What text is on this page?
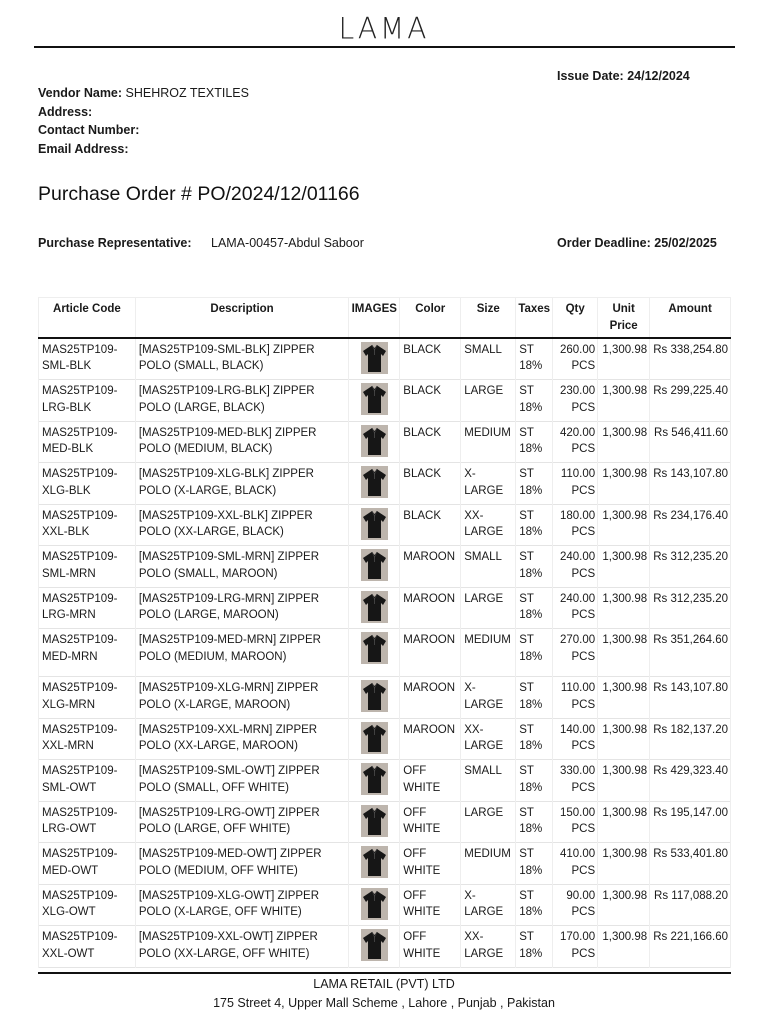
LAMA
Issue Date: 24/12/2024
Vendor Name: SHEHROZ TEXTILES
Address:
Contact Number:
Email Address:
Purchase Order # PO/2024/12/01166
Purchase Representative: LAMA-00457-Abdul Saboor	Order Deadline: 25/02/2025
Article Code	Description	IMAGES	Color	Size	Taxes	Qty	Unit Price	Amount
MAS25TP109-SML-BLK	[MAS25TP109-SML-BLK] ZIPPER POLO (SMALL, BLACK)		BLACK	SMALL	ST 18%	260.00 PCS	1,300.98	Rs 338,254.80
MAS25TP109-LRG-BLK	[MAS25TP109-LRG-BLK] ZIPPER POLO (LARGE, BLACK)		BLACK	LARGE	ST 18%	230.00 PCS	1,300.98	Rs 299,225.40
MAS25TP109-MED-BLK	[MAS25TP109-MED-BLK] ZIPPER POLO (MEDIUM, BLACK)		BLACK	MEDIUM	ST 18%	420.00 PCS	1,300.98	Rs 546,411.60
MAS25TP109-XLG-BLK	[MAS25TP109-XLG-BLK] ZIPPER POLO (X-LARGE, BLACK)		BLACK	X-LARGE	ST 18%	110.00 PCS	1,300.98	Rs 143,107.80
MAS25TP109-XXL-BLK	[MAS25TP109-XXL-BLK] ZIPPER POLO (XX-LARGE, BLACK)		BLACK	XX-LARGE	ST 18%	180.00 PCS	1,300.98	Rs 234,176.40
MAS25TP109-SML-MRN	[MAS25TP109-SML-MRN] ZIPPER POLO (SMALL, MAROON)		MAROON	SMALL	ST 18%	240.00 PCS	1,300.98	Rs 312,235.20
MAS25TP109-LRG-MRN	[MAS25TP109-LRG-MRN] ZIPPER POLO (LARGE, MAROON)		MAROON	LARGE	ST 18%	240.00 PCS	1,300.98	Rs 312,235.20
MAS25TP109-MED-MRN	[MAS25TP109-MED-MRN] ZIPPER POLO (MEDIUM, MAROON)		MAROON	MEDIUM	ST 18%	270.00 PCS	1,300.98	Rs 351,264.60
MAS25TP109-XLG-MRN	[MAS25TP109-XLG-MRN] ZIPPER POLO (X-LARGE, MAROON)		MAROON	X-LARGE	ST 18%	110.00 PCS	1,300.98	Rs 143,107.80
MAS25TP109-XXL-MRN	[MAS25TP109-XXL-MRN] ZIPPER POLO (XX-LARGE, MAROON)		MAROON	XX-LARGE	ST 18%	140.00 PCS	1,300.98	Rs 182,137.20
MAS25TP109-SML-OWT	[MAS25TP109-SML-OWT] ZIPPER POLO (SMALL, OFF WHITE)		OFF WHITE	SMALL	ST 18%	330.00 PCS	1,300.98	Rs 429,323.40
MAS25TP109-LRG-OWT	[MAS25TP109-LRG-OWT] ZIPPER POLO (LARGE, OFF WHITE)		OFF WHITE	LARGE	ST 18%	150.00 PCS	1,300.98	Rs 195,147.00
MAS25TP109-MED-OWT	[MAS25TP109-MED-OWT] ZIPPER POLO (MEDIUM, OFF WHITE)		OFF WHITE	MEDIUM	ST 18%	410.00 PCS	1,300.98	Rs 533,401.80
MAS25TP109-XLG-OWT	[MAS25TP109-XLG-OWT] ZIPPER POLO (X-LARGE, OFF WHITE)		OFF WHITE	X-LARGE	ST 18%	90.00 PCS	1,300.98	Rs 117,088.20
MAS25TP109-XXL-OWT	[MAS25TP109-XXL-OWT] ZIPPER POLO (XX-LARGE, OFF WHITE)		OFF WHITE	XX-LARGE	ST 18%	170.00 PCS	1,300.98	Rs 221,166.60
LAMA RETAIL (PVT) LTD
175 Street 4, Upper Mall Scheme , Lahore , Punjab , Pakistan
